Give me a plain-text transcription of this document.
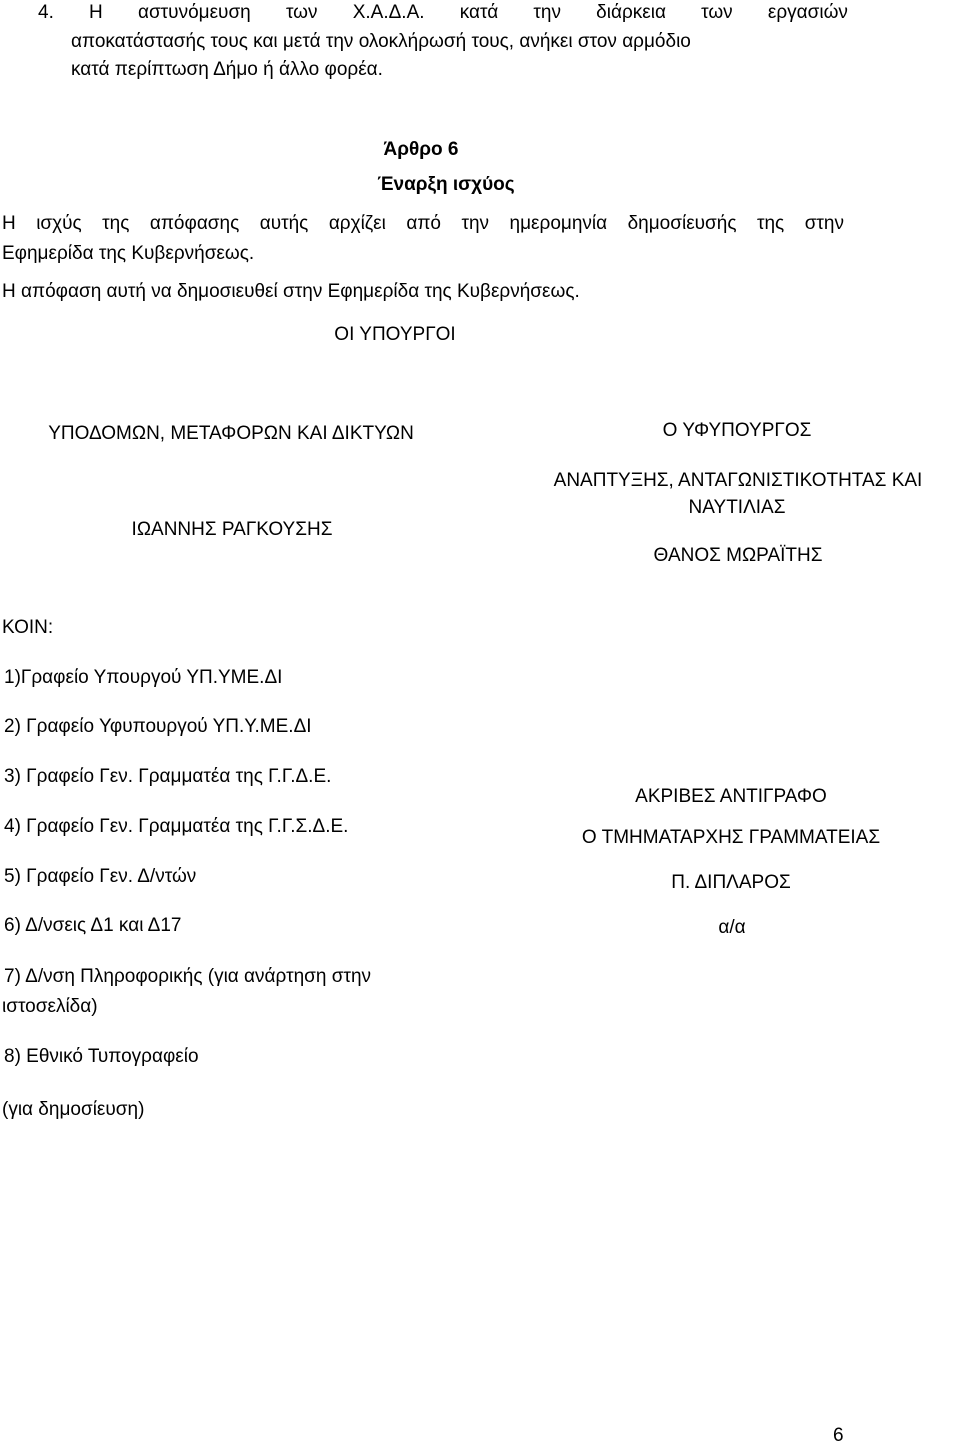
4. Η αστυνόμευση των Χ.Α.Δ.Α. κατά την διάρκεια των εργασιών
αποκατάστασής τους και μετά την ολοκλήρωσή τους, ανήκει στον αρμόδιο
κατά περίπτωση Δήμο ή άλλο φορέα.
Άρθρο 6
Έναρξη ισχύος
Η ισχύς της απόφασης αυτής αρχίζει από την ημερομηνία δημοσίευσής της στην
Εφημερίδα της Κυβερνήσεως.
Η απόφαση αυτή να δημοσιευθεί στην Εφημερίδα της Κυβερνήσεως.
ΟΙ ΥΠΟΥΡΓΟΙ
ΥΠΟΔΟΜΩΝ, ΜΕΤΑΦΟΡΩΝ ΚΑΙ ΔΙΚΤΥΩΝ
ΙΩΑΝΝΗΣ ΡΑΓΚΟΥΣΗΣ
Ο ΥΦΥΠΟΥΡΓΟΣ
ΑΝΑΠΤΥΞΗΣ, ΑΝΤΑΓΩΝΙΣΤΙΚΟΤΗΤΑΣ ΚΑΙ
ΝΑΥΤΙΛΙΑΣ
ΘΑΝΟΣ ΜΩΡΑΪΤΗΣ
ΚΟΙΝ:
1)Γραφείο Υπουργού ΥΠ.ΥΜΕ.ΔΙ
2) Γραφείο Υφυπουργού ΥΠ.Υ.ΜΕ.ΔΙ
3) Γραφείο Γεν. Γραμματέα της Γ.Γ.Δ.Ε.
4) Γραφείο Γεν. Γραμματέα της Γ.Γ.Σ.Δ.Ε.
5) Γραφείο Γεν. Δ/ντών
6) Δ/νσεις Δ1 και Δ17
7) Δ/νση Πληροφορικής (για ανάρτηση στην
ιστοσελίδα)
8) Εθνικό Τυπογραφείο
(για δημοσίευση)
ΑΚΡΙΒΕΣ ΑΝΤΙΓΡΑΦΟ
Ο ΤΜΗΜΑΤΑΡΧΗΣ ΓΡΑΜΜΑΤΕΙΑΣ
Π. ΔΙΠΛΑΡΟΣ
α/α
6
